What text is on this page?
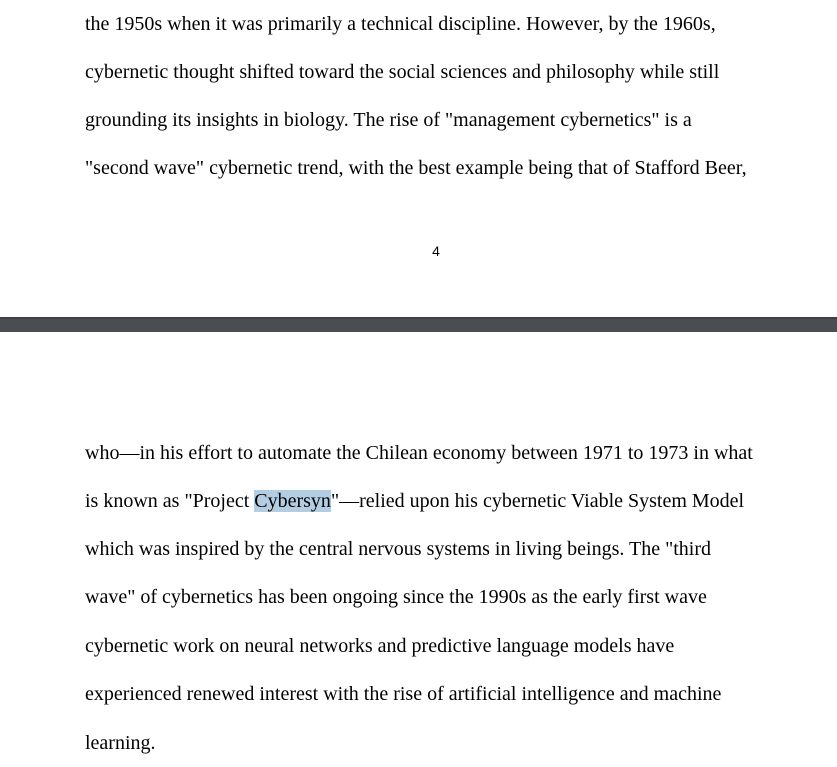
the 1950s when it was primarily a technical discipline. However, by the 1960s,
cybernetic thought shifted toward the social sciences and philosophy while still
grounding its insights in biology. The rise of "management cybernetics" is a
"second wave" cybernetic trend, with the best example being that of Stafford Beer,
4
who—in his effort to automate the Chilean economy between 1971 to 1973 in what
is known as "Project Cybersyn"—relied upon his cybernetic Viable System Model
which was inspired by the central nervous systems in living beings. The "third
wave" of cybernetics has been ongoing since the 1990s as the early first wave
cybernetic work on neural networks and predictive language models have
experienced renewed interest with the rise of artificial intelligence and machine
learning.
